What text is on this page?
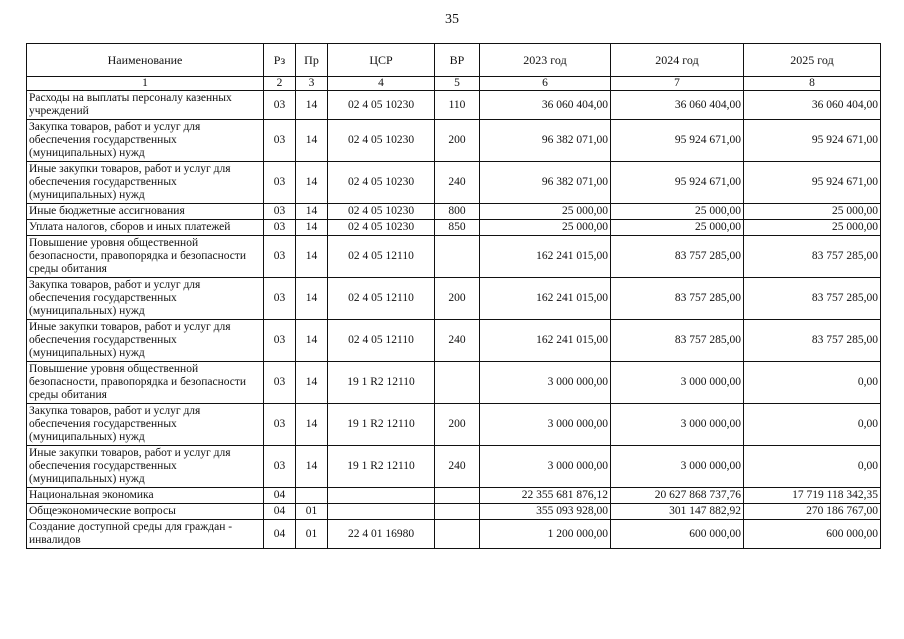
35
Наименование	Рз	Пр	ЦСР	ВР	2023 год	2024 год	2025 год
1	2	3	4	5	6	7	8
Расходы на выплаты персоналу казенных учреждений	03	14	02 4 05 10230	110	36 060 404,00	36 060 404,00	36 060 404,00
Закупка товаров, работ и услуг для обеспечения государственных (муниципальных) нужд	03	14	02 4 05 10230	200	96 382 071,00	95 924 671,00	95 924 671,00
Иные закупки товаров, работ и услуг для обеспечения государственных (муниципальных) нужд	03	14	02 4 05 10230	240	96 382 071,00	95 924 671,00	95 924 671,00
Иные бюджетные ассигнования	03	14	02 4 05 10230	800	25 000,00	25 000,00	25 000,00
Уплата налогов, сборов и иных платежей	03	14	02 4 05 10230	850	25 000,00	25 000,00	25 000,00
Повышение уровня общественной безопасности, правопорядка и безопасности среды обитания	03	14	02 4 05 12110		162 241 015,00	83 757 285,00	83 757 285,00
Закупка товаров, работ и услуг для обеспечения государственных (муниципальных) нужд	03	14	02 4 05 12110	200	162 241 015,00	83 757 285,00	83 757 285,00
Иные закупки товаров, работ и услуг для обеспечения государственных (муниципальных) нужд	03	14	02 4 05 12110	240	162 241 015,00	83 757 285,00	83 757 285,00
Повышение уровня общественной безопасности, правопорядка и безопасности среды обитания	03	14	19 1 R2 12110		3 000 000,00	3 000 000,00	0,00
Закупка товаров, работ и услуг для обеспечения государственных (муниципальных) нужд	03	14	19 1 R2 12110	200	3 000 000,00	3 000 000,00	0,00
Иные закупки товаров, работ и услуг для обеспечения государственных (муниципальных) нужд	03	14	19 1 R2 12110	240	3 000 000,00	3 000 000,00	0,00
Национальная экономика	04				22 355 681 876,12	20 627 868 737,76	17 719 118 342,35
Общеэкономические вопросы	04	01			355 093 928,00	301 147 882,92	270 186 767,00
Создание доступной среды для граждан - инвалидов	04	01	22 4 01 16980		1 200 000,00	600 000,00	600 000,00
